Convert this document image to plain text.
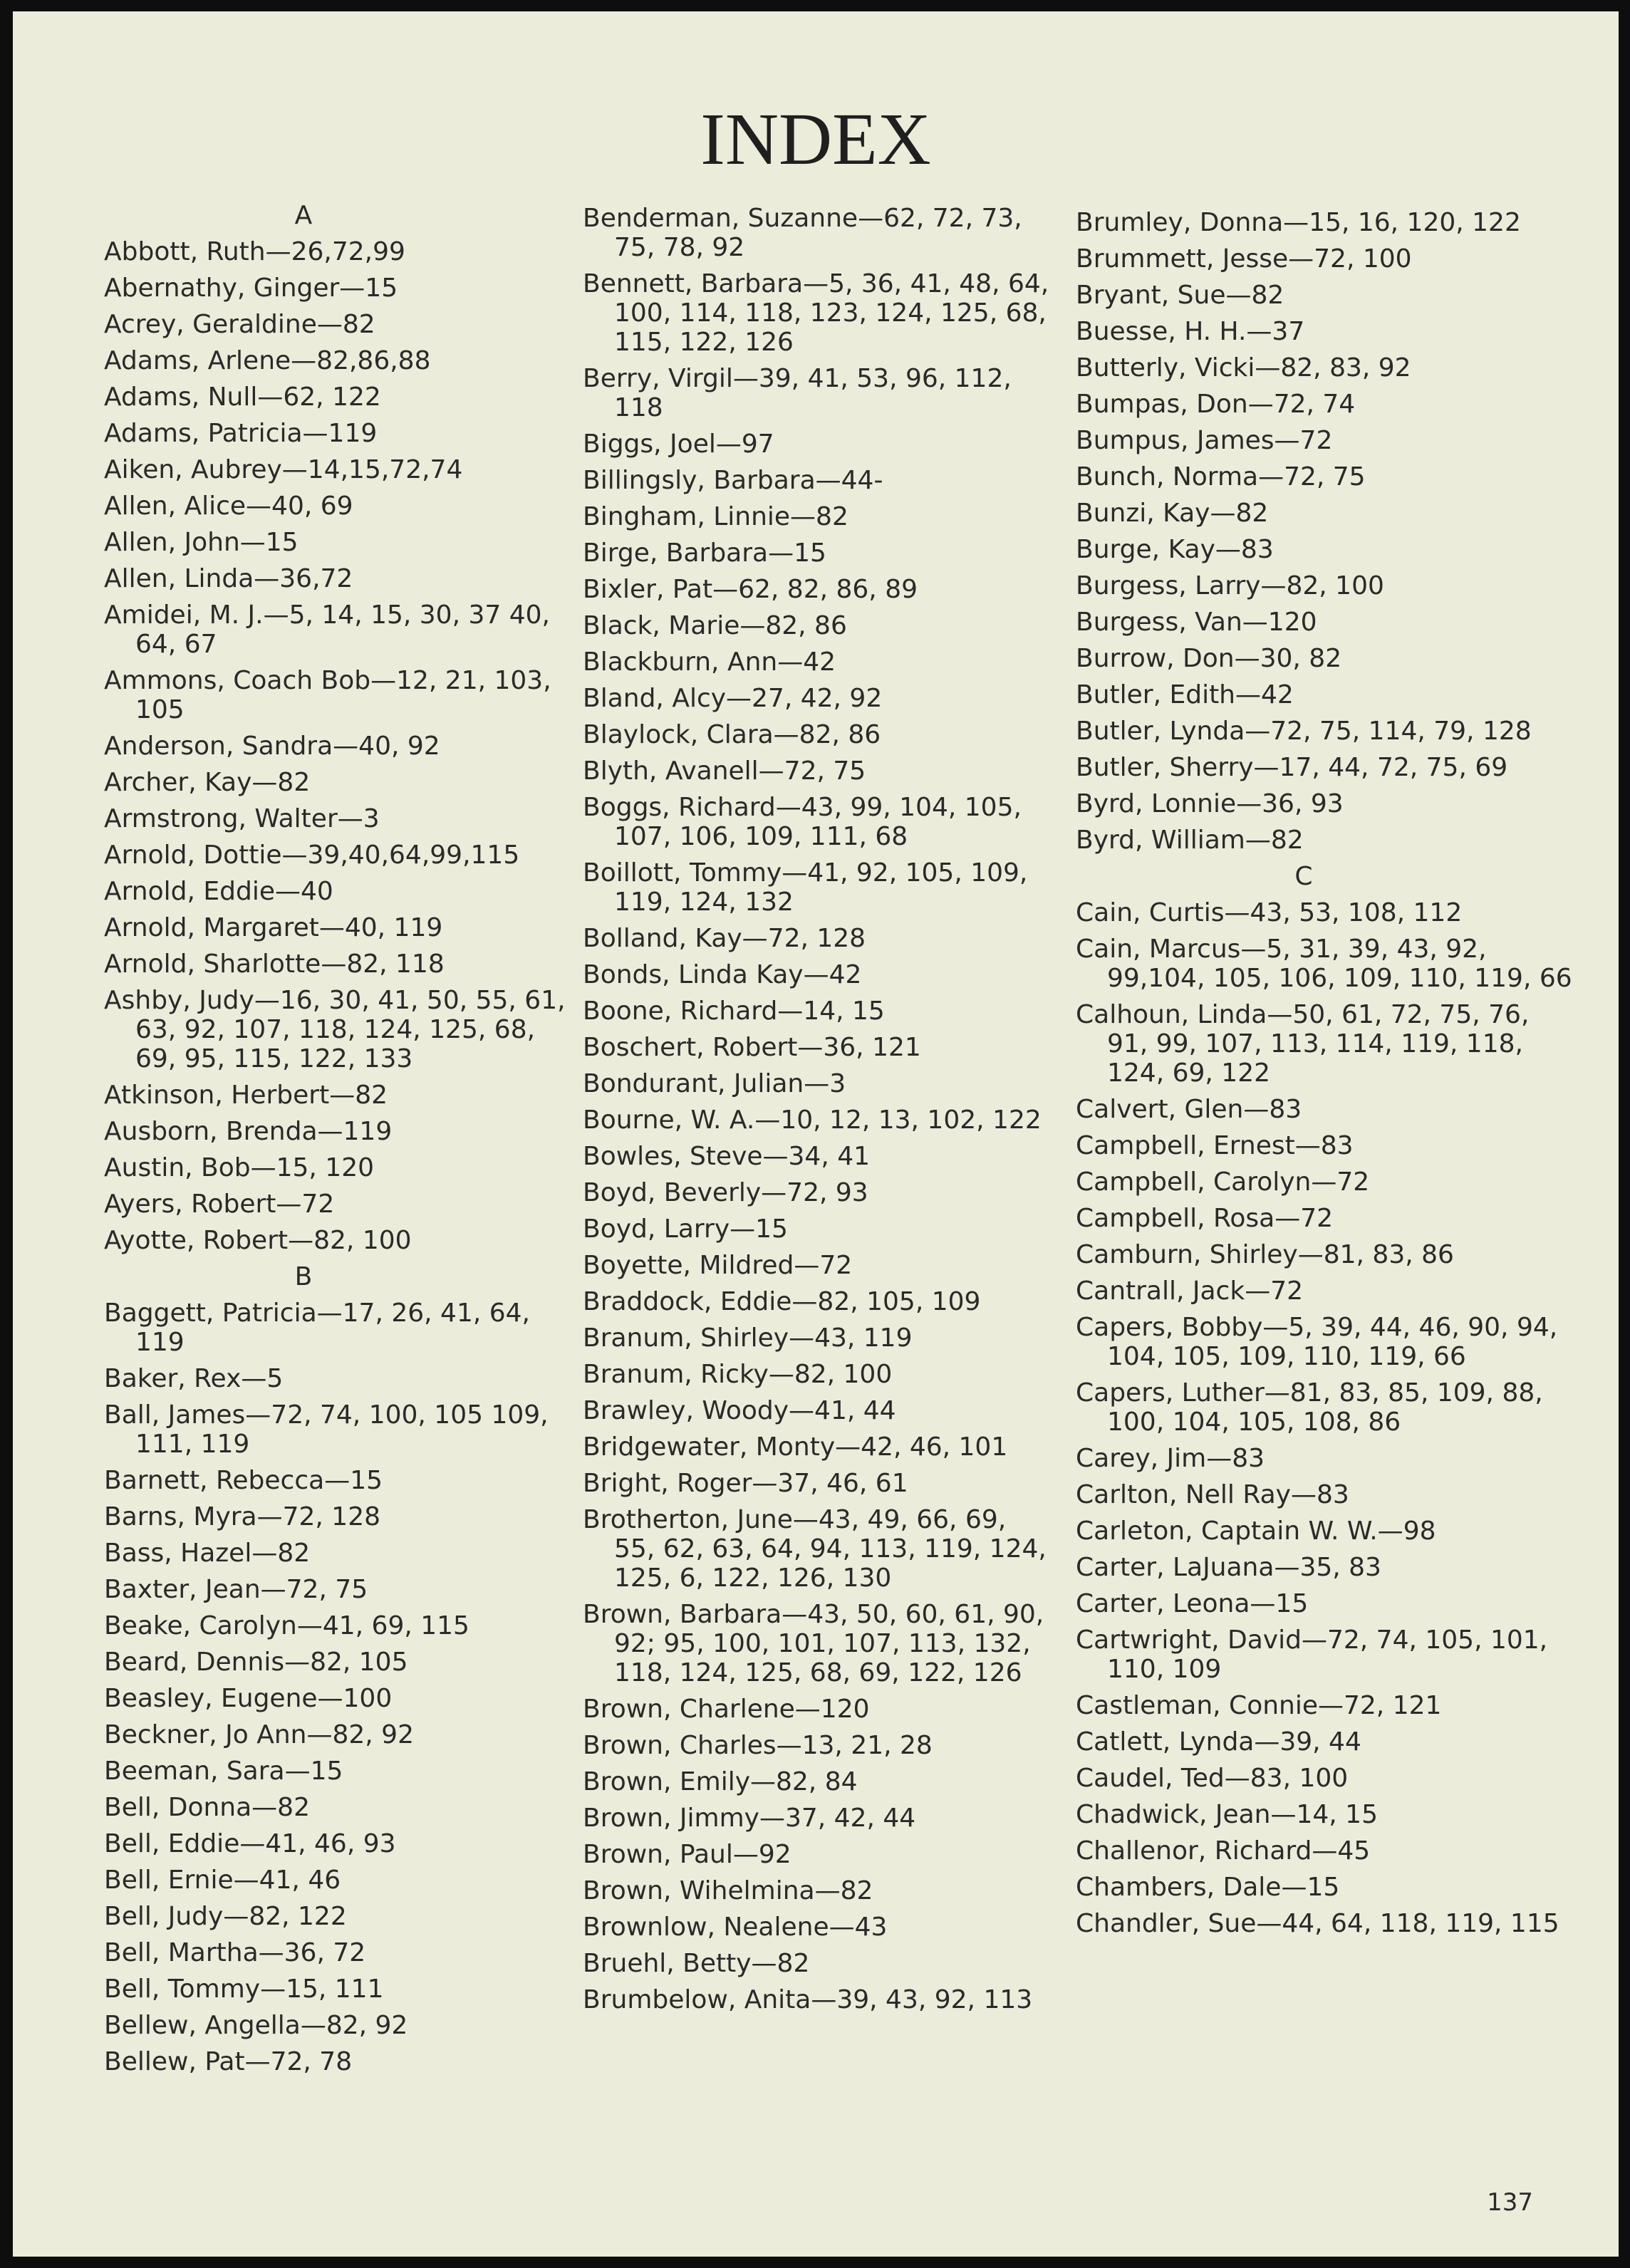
INDEX
A
Abbott, Ruth—26,72,99
Abernathy, Ginger—15
Acrey, Geraldine—82
Adams, Arlene—82,86,88
Adams, Null—62, 122
Adams, Patricia—119
Aiken, Aubrey—14,15,72,74
Allen, Alice—40, 69
Allen, John—15
Allen, Linda—36,72
Amidei, M. J.—5, 14, 15, 30, 37 40, 64, 67
Ammons, Coach Bob—12, 21, 103, 105
Anderson, Sandra—40, 92
Archer, Kay—82
Armstrong, Walter—3
Arnold, Dottie—39,40,64,99,115
Arnold, Eddie—40
Arnold, Margaret—40, 119
Arnold, Sharlotte—82, 118
Ashby, Judy—16, 30, 41, 50, 55, 61, 63, 92, 107, 118, 124, 125, 68, 69, 95, 115, 122, 133
Atkinson, Herbert—82
Ausborn, Brenda—119
Austin, Bob—15, 120
Ayers, Robert—72
Ayotte, Robert—82, 100
B
Baggett, Patricia—17, 26, 41, 64, 119
Baker, Rex—5
Ball, James—72, 74, 100, 105 109, 111, 119
Barnett, Rebecca—15
Barns, Myra—72, 128
Bass, Hazel—82
Baxter, Jean—72, 75
Beake, Carolyn—41, 69, 115
Beard, Dennis—82, 105
Beasley, Eugene—100
Beckner, Jo Ann—82, 92
Beeman, Sara—15
Bell, Donna—82
Bell, Eddie—41, 46, 93
Bell, Ernie—41, 46
Bell, Judy—82, 122
Bell, Martha—36, 72
Bell, Tommy—15, 111
Bellew, Angella—82, 92
Bellew, Pat—72, 78
Benderman, Suzanne—62, 72, 73, 75, 78, 92
Bennett, Barbara—5, 36, 41, 48, 64, 100, 114, 118, 123, 124, 125, 68, 115, 122, 126
Berry, Virgil—39, 41, 53, 96, 112, 118
Biggs, Joel—97
Billingsly, Barbara—44-
Bingham, Linnie—82
Birge, Barbara—15
Bixler, Pat—62, 82, 86, 89
Black, Marie—82, 86
Blackburn, Ann—42
Bland, Alcy—27, 42, 92
Blaylock, Clara—82, 86
Blyth, Avanell—72, 75
Boggs, Richard—43, 99, 104, 105, 107, 106, 109, 111, 68
Boillott, Tommy—41, 92, 105, 109, 119, 124, 132
Bolland, Kay—72, 128
Bonds, Linda Kay—42
Boone, Richard—14, 15
Boschert, Robert—36, 121
Bondurant, Julian—3
Bourne, W. A.—10, 12, 13, 102, 122
Bowles, Steve—34, 41
Boyd, Beverly—72, 93
Boyd, Larry—15
Boyette, Mildred—72
Braddock, Eddie—82, 105, 109
Branum, Shirley—43, 119
Branum, Ricky—82, 100
Brawley, Woody—41, 44
Bridgewater, Monty—42, 46, 101
Bright, Roger—37, 46, 61
Brotherton, June—43, 49, 66, 69, 55, 62, 63, 64, 94, 113, 119, 124, 125, 6, 122, 126, 130
Brown, Barbara—43, 50, 60, 61, 90, 92; 95, 100, 101, 107, 113, 132, 118, 124, 125, 68, 69, 122, 126
Brown, Charlene—120
Brown, Charles—13, 21, 28
Brown, Emily—82, 84
Brown, Jimmy—37, 42, 44
Brown, Paul—92
Brown, Wihelmina—82
Brownlow, Nealene—43
Bruehl, Betty—82
Brumbelow, Anita—39, 43, 92, 113
Brumley, Donna—15, 16, 120, 122
Brummett, Jesse—72, 100
Bryant, Sue—82
Buesse, H. H.—37
Butterly, Vicki—82, 83, 92
Bumpas, Don—72, 74
Bumpus, James—72
Bunch, Norma—72, 75
Bunzi, Kay—82
Burge, Kay—83
Burgess, Larry—82, 100
Burgess, Van—120
Burrow, Don—30, 82
Butler, Edith—42
Butler, Lynda—72, 75, 114, 79, 128
Butler, Sherry—17, 44, 72, 75, 69
Byrd, Lonnie—36, 93
Byrd, William—82
C
Cain, Curtis—43, 53, 108, 112
Cain, Marcus—5, 31, 39, 43, 92, 99,104, 105, 106, 109, 110, 119, 66
Calhoun, Linda—50, 61, 72, 75, 76, 91, 99, 107, 113, 114, 119, 118, 124, 69, 122
Calvert, Glen—83
Campbell, Ernest—83
Campbell, Carolyn—72
Campbell, Rosa—72
Camburn, Shirley—81, 83, 86
Cantrall, Jack—72
Capers, Bobby—5, 39, 44, 46, 90, 94, 104, 105, 109, 110, 119, 66
Capers, Luther—81, 83, 85, 109, 88, 100, 104, 105, 108, 86
Carey, Jim—83
Carlton, Nell Ray—83
Carleton, Captain W. W.—98
Carter, LaJuana—35, 83
Carter, Leona—15
Cartwright, David—72, 74, 105, 101, 110, 109
Castleman, Connie—72, 121
Catlett, Lynda—39, 44
Caudel, Ted—83, 100
Chadwick, Jean—14, 15
Challenor, Richard—45
Chambers, Dale—15
Chandler, Sue—44, 64, 118, 119, 115
137
